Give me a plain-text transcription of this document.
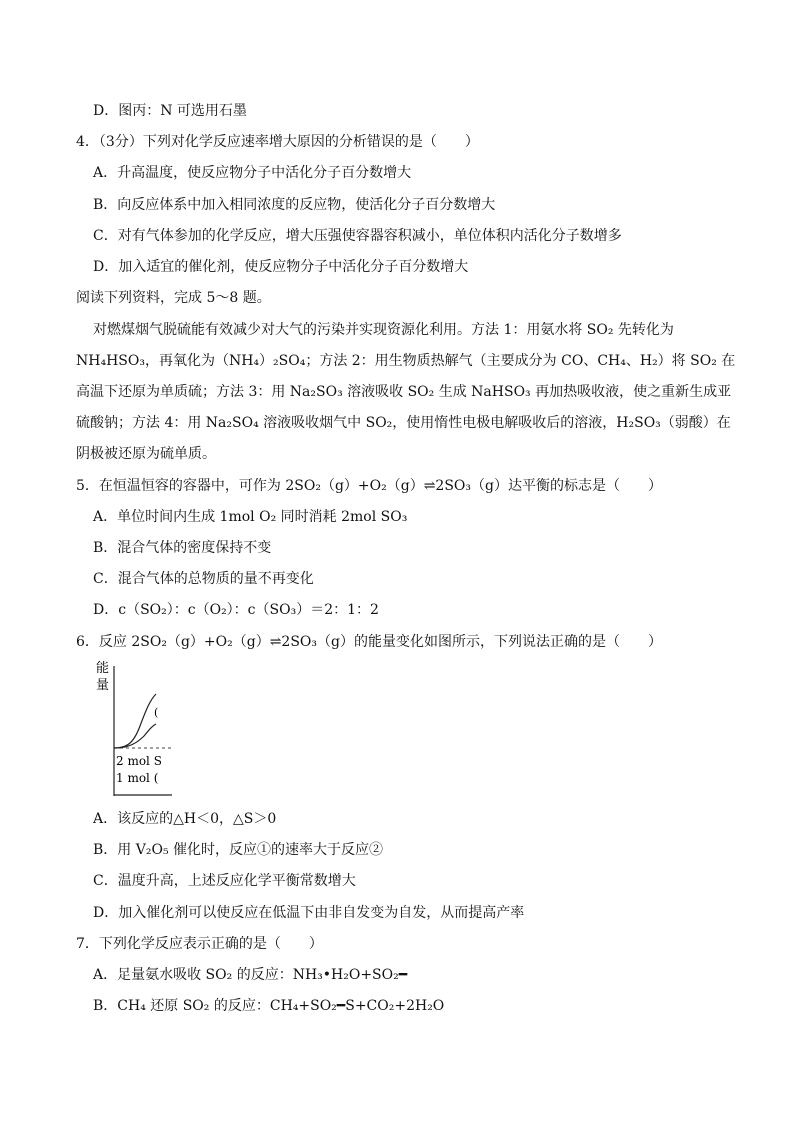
D．图丙：N 可选用石墨
4．（3分）下列对化学反应速率增大原因的分析错误的是（　　）
A．升高温度，使反应物分子中活化分子百分数增大
B．向反应体系中加入相同浓度的反应物，使活化分子百分数增大
C．对有气体参加的化学反应，增大压强使容器容积减小，单位体积内活化分子数增多
D．加入适宜的催化剂，使反应物分子中活化分子百分数增大
阅读下列资料，完成 5～8 题。
对燃煤烟气脱硫能有效减少对大气的污染并实现资源化利用。方法 1：用氨水将 SO₂ 先转化为
NH₄HSO₃，再氧化为（NH₄）₂SO₄；方法 2：用生物质热解气（主要成分为 CO、CH₄、H₂）将 SO₂ 在
高温下还原为单质硫；方法 3：用 Na₂SO₃ 溶液吸收 SO₂ 生成 NaHSO₃ 再加热吸收液，使之重新生成亚
硫酸钠；方法 4：用 Na₂SO₄ 溶液吸收烟气中 SO₂，使用惰性电极电解吸收后的溶液，H₂SO₃（弱酸）在
阴极被还原为硫单质。
5．在恒温恒容的容器中，可作为 2SO₂（g）+O₂（g）⇌2SO₃（g）达平衡的标志是（　　）
A．单位时间内生成 1mol O₂ 同时消耗 2mol SO₃
B．混合气体的密度保持不变
C．混合气体的总物质的量不再变化
D．c（SO₂）：c（O₂）：c（SO₃）＝2：1：2
6．反应 2SO₂（g）+O₂（g）⇌2SO₃（g）的能量变化如图所示，下列说法正确的是（　　）
能
量
(
2 mol S
1 mol (
A．该反应的△H＜0，△S＞0
B．用 V₂O₅ 催化时，反应①的速率大于反应②
C．温度升高，上述反应化学平衡常数增大
D．加入催化剂可以使反应在低温下由非自发变为自发，从而提高产率
7．下列化学反应表示正确的是（　　）
A．足量氨水吸收 SO₂ 的反应：NH₃•H₂O+SO₂━
B．CH₄ 还原 SO₂ 的反应：CH₄+SO₂━S+CO₂+2H₂O
